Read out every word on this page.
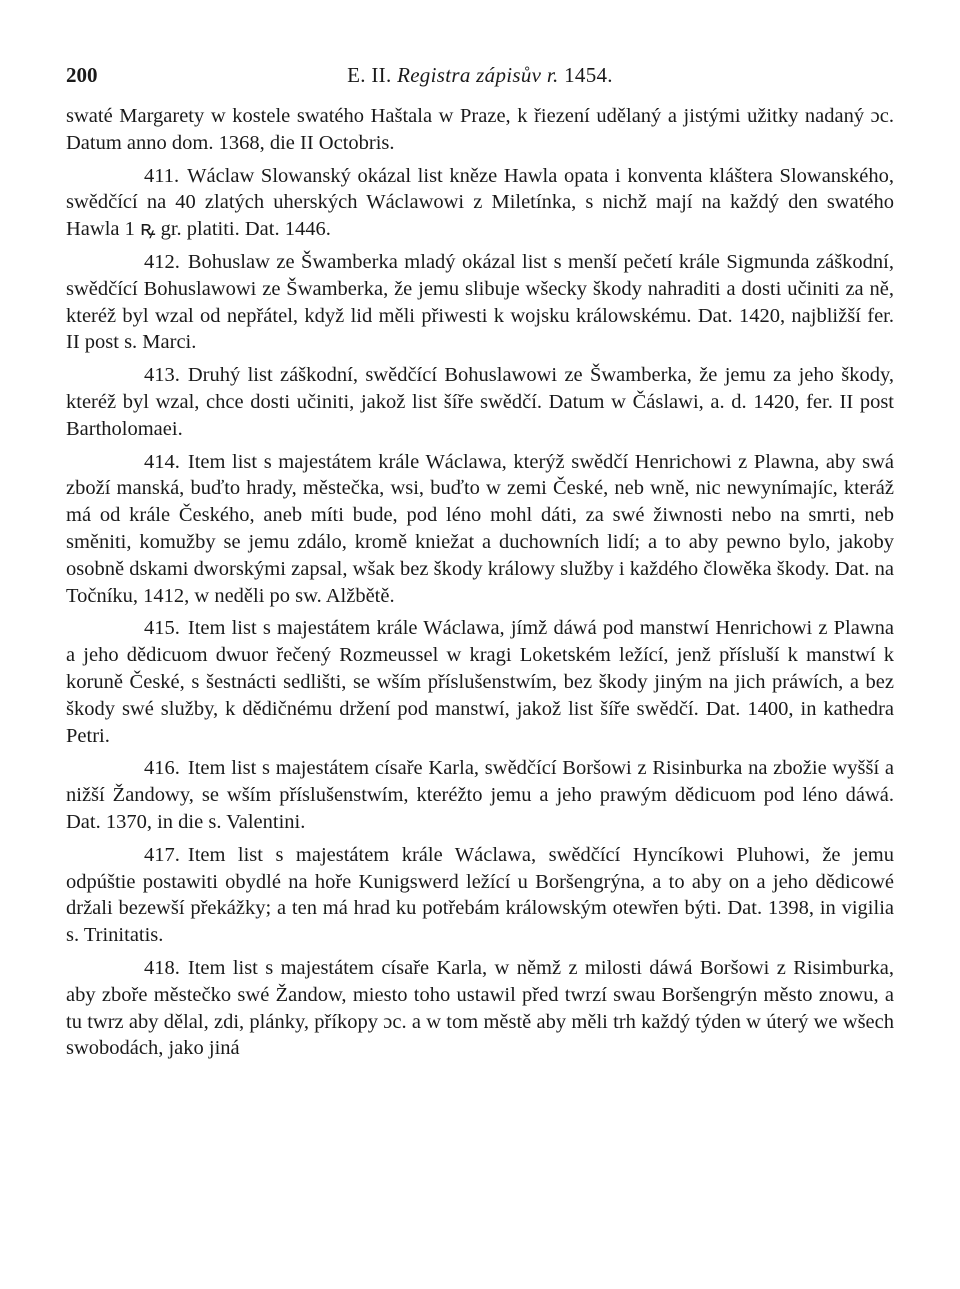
200	E. II. Registra zápisův r. 1454.

swaté Margarety w kostele swatého Haštala w Praze, k řiezení udělaný a jistými užitky nadaný ɔc. Datum anno dom. 1368, die II Octobris.

411. Wáclaw Slowanský okázal list kněze Hawla opata i konventa kláštera Slowanského, swědčící na 40 zlatých uherských Wáclawowi z Miletínka, s nichž mají na každý den swatého Hawla 1 ꝶ gr. platiti. Dat. 1446.

412. Bohuslaw ze Šwamberka mladý okázal list s menší pečetí krále Sigmunda záškodní, swědčící Bohuslawowi ze Šwamberka, že jemu slibuje wšecky škody nahraditi a dosti učiniti za ně, kteréž byl wzal od nepřátel, když lid měli přiwesti k wojsku králowskému. Dat. 1420, najbližší fer. II post s. Marci.

413. Druhý list záškodní, swědčící Bohuslawowi ze Šwamberka, že jemu za jeho škody, kteréž byl wzal, chce dosti učiniti, jakož list šíře swědčí. Datum w Čáslawi, a. d. 1420, fer. II post Bartholomaei.

414. Item list s majestátem krále Wáclawa, kterýž swědčí Henrichowi z Plawna, aby swá zboží manská, buďto hrady, městečka, wsi, buďto w zemi České, neb wně, nic newynímajíc, kteráž má od krále Českého, aneb míti bude, pod léno mohl dáti, za swé žiwnosti nebo na smrti, neb směniti, komužby se jemu zdálo, kromě kniežat a duchowních lidí; a to aby pewno bylo, jakoby osobně dskami dworskými zapsal, wšak bez škody králowy služby i každého člowěka škody. Dat. na Točníku, 1412, w neděli po sw. Alžbětě.

415. Item list s majestátem krále Wáclawa, jímž dáwá pod manstwí Henrichowi z Plawna a jeho dědicuom dwuor řečený Rozmeussel w kragi Loketském ležící, jenž přísluší k manstwí k koruně České, s šestnácti sedlišti, se wším příslušenstwím, bez škody jiným na jich práwích, a bez škody swé služby, k dědičnému držení pod manstwí, jakož list šíře swědčí. Dat. 1400, in kathedra Petri.

416. Item list s majestátem císaře Karla, swědčící Boršowi z Risinburka na zbožie wyšší a nižší Žandowy, se wším příslušenstwím, kteréžto jemu a jeho prawým dědicuom pod léno dáwá. Dat. 1370, in die s. Valentini.

417. Item list s majestátem krále Wáclawa, swědčící Hyncíkowi Pluhowi, že jemu odpúštie postawiti obydlé na hoře Kunigswerd ležící u Boršengrýna, a to aby on a jeho dědicowé držali bezewší překážky; a ten má hrad ku potřebám králowským otewřen býti. Dat. 1398, in vigilia s. Trinitatis.

418. Item list s majestátem císaře Karla, w němž z milosti dáwá Boršowi z Risimburka, aby zboře městečko swé Žandow, miesto toho ustawil před twrzí swau Boršengrýn město znowu, a tu twrz aby dělal, zdi, plánky, příkopy ɔc. a w tom městě aby měli trh každý týden w úterý we wšech swobodách, jako jiná
